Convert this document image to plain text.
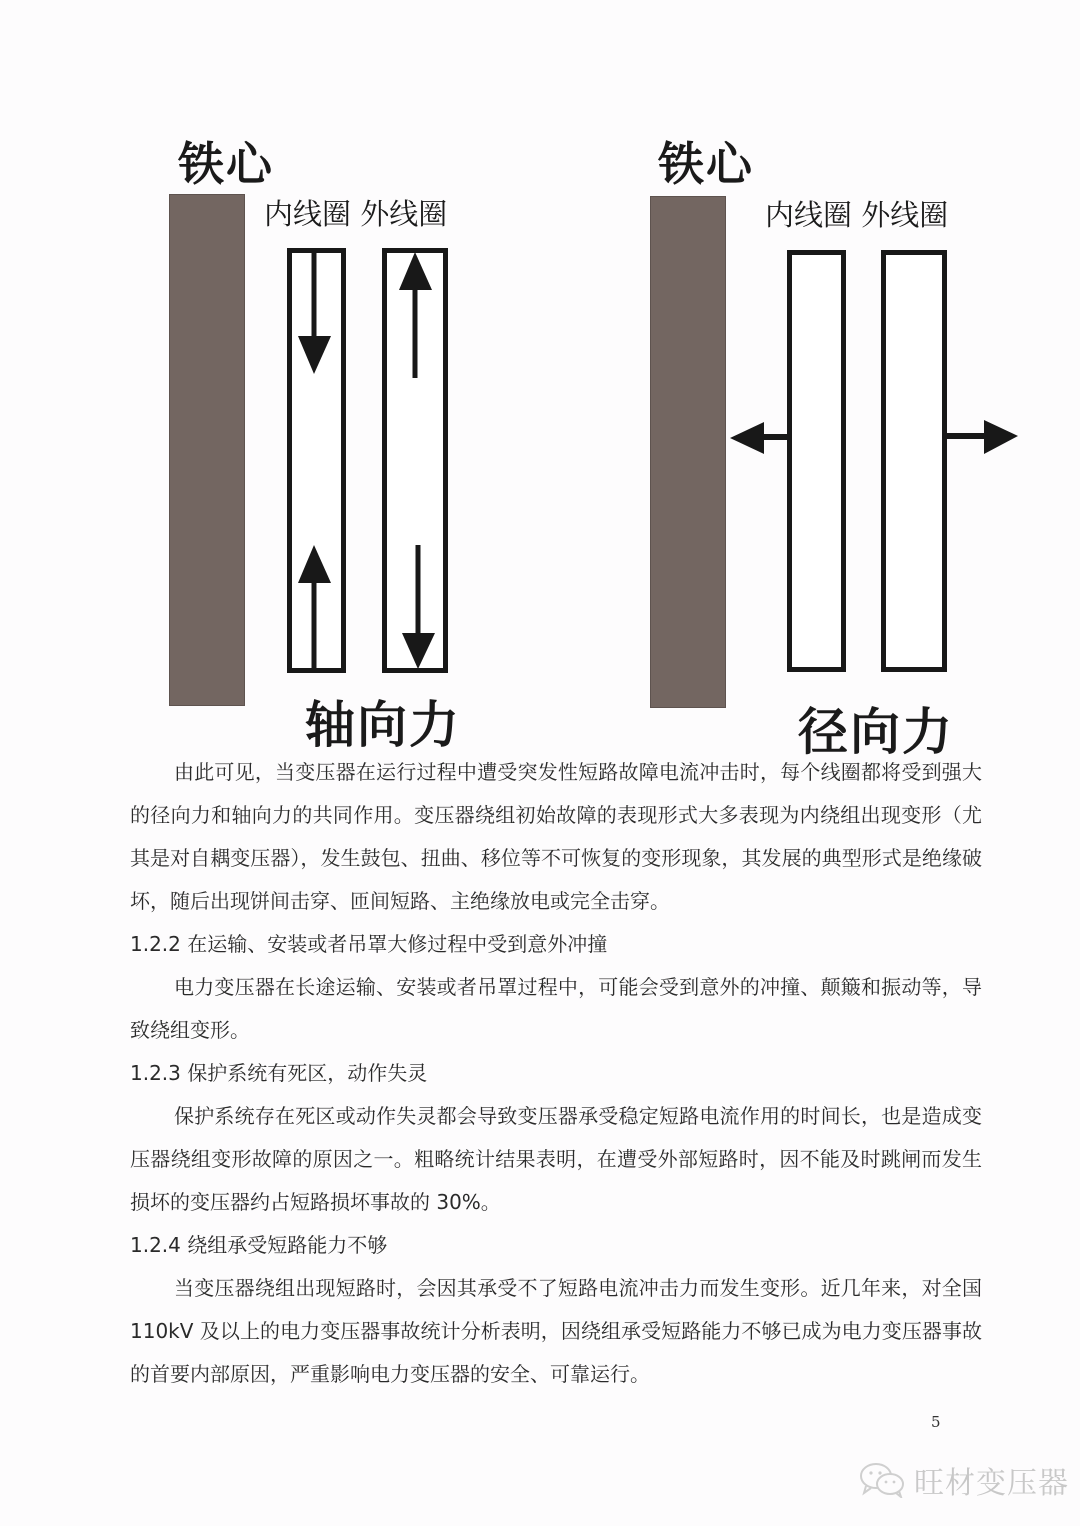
铁心
内线圈 外线圈
轴向力
铁心
内线圈 外线圈
径向力

由此可见，当变压器在运行过程中遭受突发性短路故障电流冲击时，每个线圈都将受到强大的径向力和轴向力的共同作用。变压器绕组初始故障的表现形式大多表现为内绕组出现变形（尤其是对自耦变压器），发生鼓包、扭曲、移位等不可恢复的变形现象，其发展的典型形式是绝缘破坏，随后出现饼间击穿、匝间短路、主绝缘放电或完全击穿。

1.2.2 在运输、安装或者吊罩大修过程中受到意外冲撞

电力变压器在长途运输、安装或者吊罩过程中，可能会受到意外的冲撞、颠簸和振动等，导致绕组变形。

1.2.3 保护系统有死区，动作失灵

保护系统存在死区或动作失灵都会导致变压器承受稳定短路电流作用的时间长，也是造成变压器绕组变形故障的原因之一。粗略统计结果表明，在遭受外部短路时，因不能及时跳闸而发生损坏的变压器约占短路损坏事故的 30%。

1.2.4 绕组承受短路能力不够

当变压器绕组出现短路时，会因其承受不了短路电流冲击力而发生变形。近几年来，对全国 110kV 及以上的电力变压器事故统计分析表明，因绕组承受短路能力不够已成为电力变压器事故的首要内部原因，严重影响电力变压器的安全、可靠运行。

5
旺材变压器
